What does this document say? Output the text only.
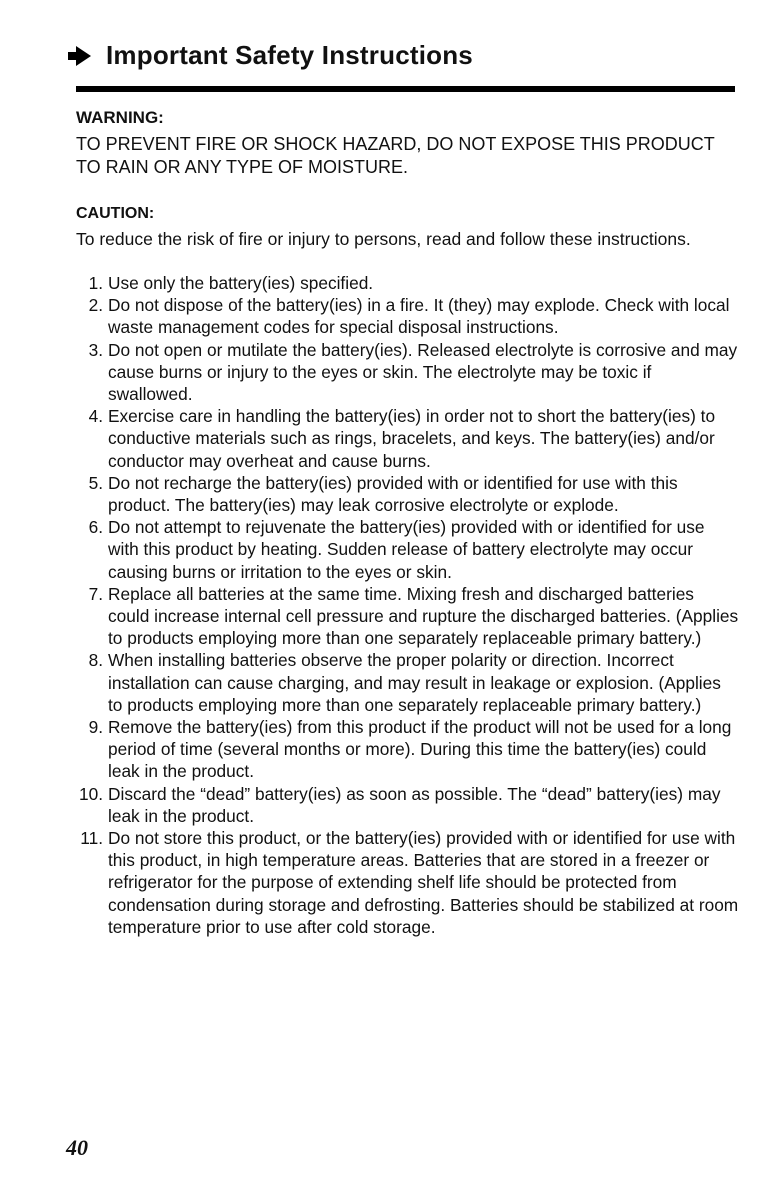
Important Safety Instructions
WARNING:
TO PREVENT FIRE OR SHOCK HAZARD, DO NOT EXPOSE THIS PRODUCT TO RAIN OR ANY TYPE OF MOISTURE.
CAUTION:
To reduce the risk of fire or injury to persons, read and follow these instructions.
1. Use only the battery(ies) specified.
2. Do not dispose of the battery(ies) in a fire. It (they) may explode. Check with local waste management codes for special disposal instructions.
3. Do not open or mutilate the battery(ies). Released electrolyte is corrosive and may cause burns or injury to the eyes or skin. The electrolyte may be toxic if swallowed.
4. Exercise care in handling the battery(ies) in order not to short the battery(ies) to conductive materials such as rings, bracelets, and keys. The battery(ies) and/or conductor may overheat and cause burns.
5. Do not recharge the battery(ies) provided with or identified for use with this product. The battery(ies) may leak corrosive electrolyte or explode.
6. Do not attempt to rejuvenate the battery(ies) provided with or identified for use with this product by heating. Sudden release of battery electrolyte may occur causing burns or irritation to the eyes or skin.
7. Replace all batteries at the same time. Mixing fresh and discharged batteries could increase internal cell pressure and rupture the discharged batteries. (Applies to products employing more than one separately replaceable primary battery.)
8. When installing batteries observe the proper polarity or direction. Incorrect installation can cause charging, and may result in leakage or explosion. (Applies to products employing more than one separately replaceable primary battery.)
9. Remove the battery(ies) from this product if the product will not be used for a long period of time (several months or more). During this time the battery(ies) could leak in the product.
10. Discard the “dead” battery(ies) as soon as possible. The “dead” battery(ies) may leak in the product.
11. Do not store this product, or the battery(ies) provided with or identified for use with this product, in high temperature areas. Batteries that are stored in a freezer or refrigerator for the purpose of extending shelf life should be protected from condensation during storage and defrosting. Batteries should be stabilized at room temperature prior to use after cold storage.
40
